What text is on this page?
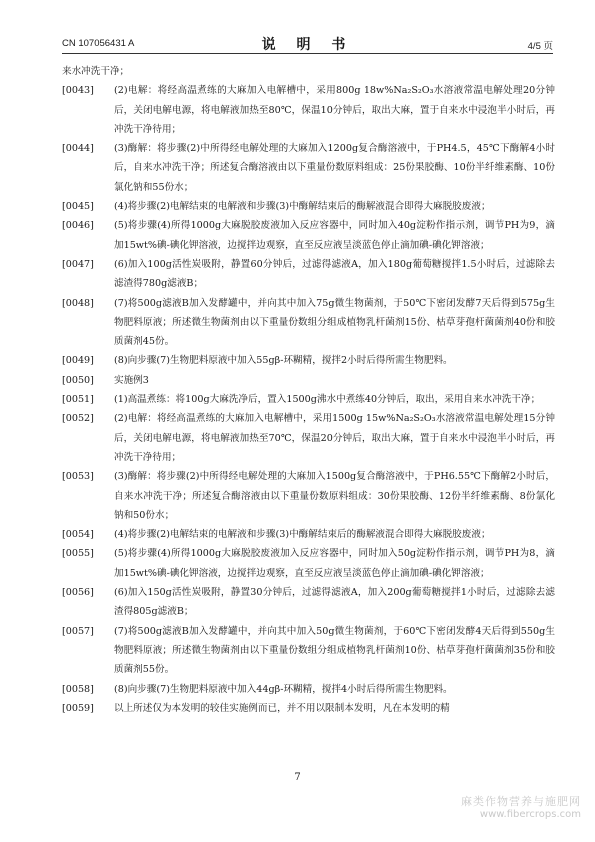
CN 107056431 A	说 明 书	4/5 页
来水冲洗干净；
[0043]	(2)电解：将经高温煮练的大麻加入电解槽中，采用800g 18w%Na₂S₂O₃水溶液常温电解处理20分钟后，关闭电解电源，将电解液加热至80℃，保温10分钟后，取出大麻，置于自来水中浸泡半小时后，再冲洗干净待用；
[0044]	(3)酶解：将步骤(2)中所得经电解处理的大麻加入1200g复合酶溶液中，于PH4.5，45℃下酶解4小时后，自来水冲洗干净；所述复合酶溶液由以下重量份数原料组成：25份果胶酶、10份半纤维素酶、10份氯化钠和55份水；
[0045]	(4)将步骤(2)电解结束的电解液和步骤(3)中酶解结束后的酶解液混合即得大麻脱胶废液；
[0046]	(5)将步骤(4)所得1000g大麻脱胶废液加入反应容器中，同时加入40g淀粉作指示剂，调节PH为9，滴加15wt%碘-碘化钾溶液，边搅拌边观察，直至反应液呈淡蓝色停止滴加碘-碘化钾溶液；
[0047]	(6)加入100g活性炭吸附，静置60分钟后，过滤得滤液A，加入180g葡萄糖搅拌1.5小时后，过滤除去滤渣得780g滤液B；
[0048]	(7)将500g滤液B加入发酵罐中，并向其中加入75g微生物菌剂，于50℃下密闭发酵7天后得到575g生物肥料原液；所述微生物菌剂由以下重量份数组分组成植物乳杆菌剂15份、枯草芽孢杆菌菌剂40份和胶质菌剂45份。
[0049]	(8)向步骤(7)生物肥料原液中加入55gβ-环糊精，搅拌2小时后得所需生物肥料。
[0050]	实施例3
[0051]	(1)高温煮练：将100g大麻洗净后，置入1500g沸水中煮练40分钟后，取出，采用自来水冲洗干净；
[0052]	(2)电解：将经高温煮练的大麻加入电解槽中，采用1500g 15w%Na₂S₂O₃水溶液常温电解处理15分钟后，关闭电解电源，将电解液加热至70℃，保温20分钟后，取出大麻，置于自来水中浸泡半小时后，再冲洗干净待用；
[0053]	(3)酶解：将步骤(2)中所得经电解处理的大麻加入1500g复合酶溶液中，于PH6.55℃下酶解2小时后，自来水冲洗干净；所述复合酶溶液由以下重量份数原料组成：30份果胶酶、12份半纤维素酶、8份氯化钠和50份水；
[0054]	(4)将步骤(2)电解结束的电解液和步骤(3)中酶解结束后的酶解液混合即得大麻脱胶废液；
[0055]	(5)将步骤(4)所得1000g大麻脱胶废液加入反应容器中，同时加入50g淀粉作指示剂，调节PH为8，滴加15wt%碘-碘化钾溶液，边搅拌边观察，直至反应液呈淡蓝色停止滴加碘-碘化钾溶液；
[0056]	(6)加入150g活性炭吸附，静置30分钟后，过滤得滤液A，加入200g葡萄糖搅拌1小时后，过滤除去滤渣得805g滤液B；
[0057]	(7)将500g滤液B加入发酵罐中，并向其中加入50g微生物菌剂，于60℃下密闭发酵4天后得到550g生物肥料原液；所述微生物菌剂由以下重量份数组分组成植物乳杆菌剂10份、枯草芽孢杆菌菌剂35份和胶质菌剂55份。
[0058]	(8)向步骤(7)生物肥料原液中加入44gβ-环糊精，搅拌4小时后得所需生物肥料。
[0059]	以上所述仅为本发明的较佳实施例而已，并不用以限制本发明，凡在本发明的精
7
麻类作物营养与施肥网
www.fibercrops.com
